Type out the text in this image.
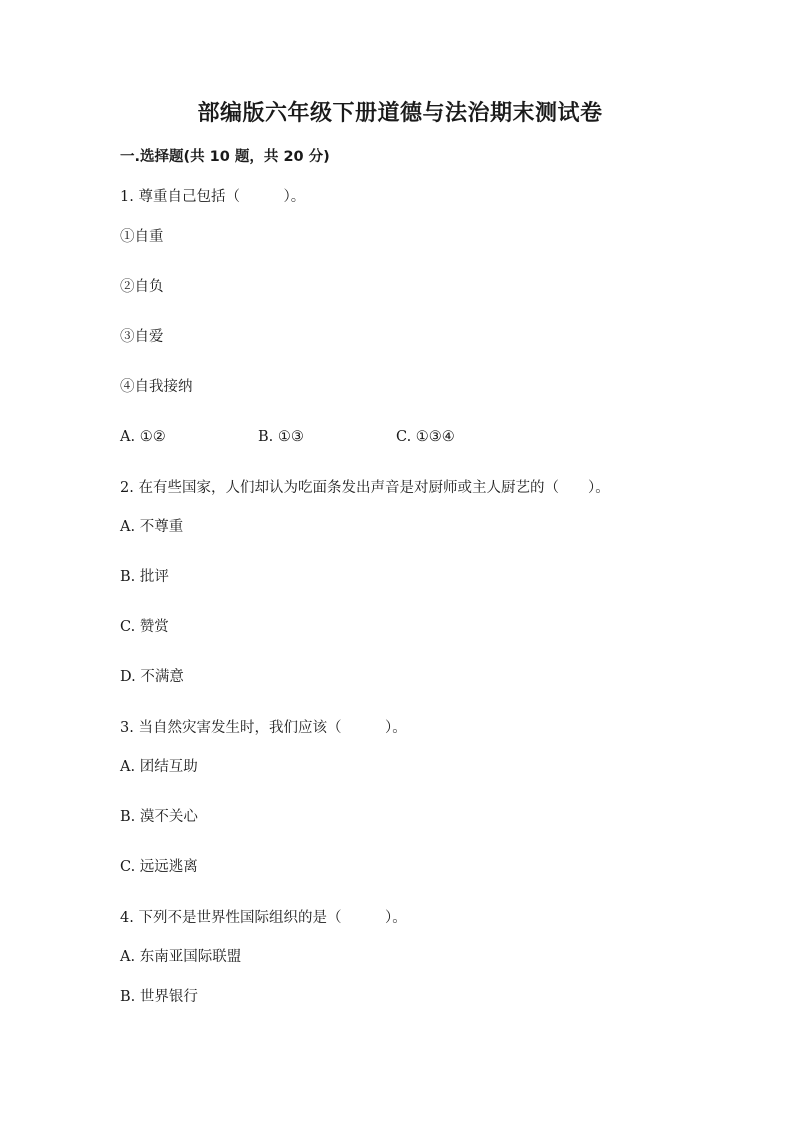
部编版六年级下册道德与法治期末测试卷
一.选择题(共 10 题，共 20 分)
1. 尊重自己包括（　　　）。
①自重
②自负
③自爱
④自我接纳

A. ①②

	B. ①③

	C. ①③④

2. 在有些国家，人们却认为吃面条发出声音是对厨师或主人厨艺的（　　）。
A. 不尊重
B. 批评
C. 赞赏
D. 不满意
3. 当自然灾害发生时，我们应该（　　　）。
A. 团结互助
B. 漠不关心
C. 远远逃离
4. 下列不是世界性国际组织的是（　　　）。
A. 东南亚国际联盟
B. 世界银行
